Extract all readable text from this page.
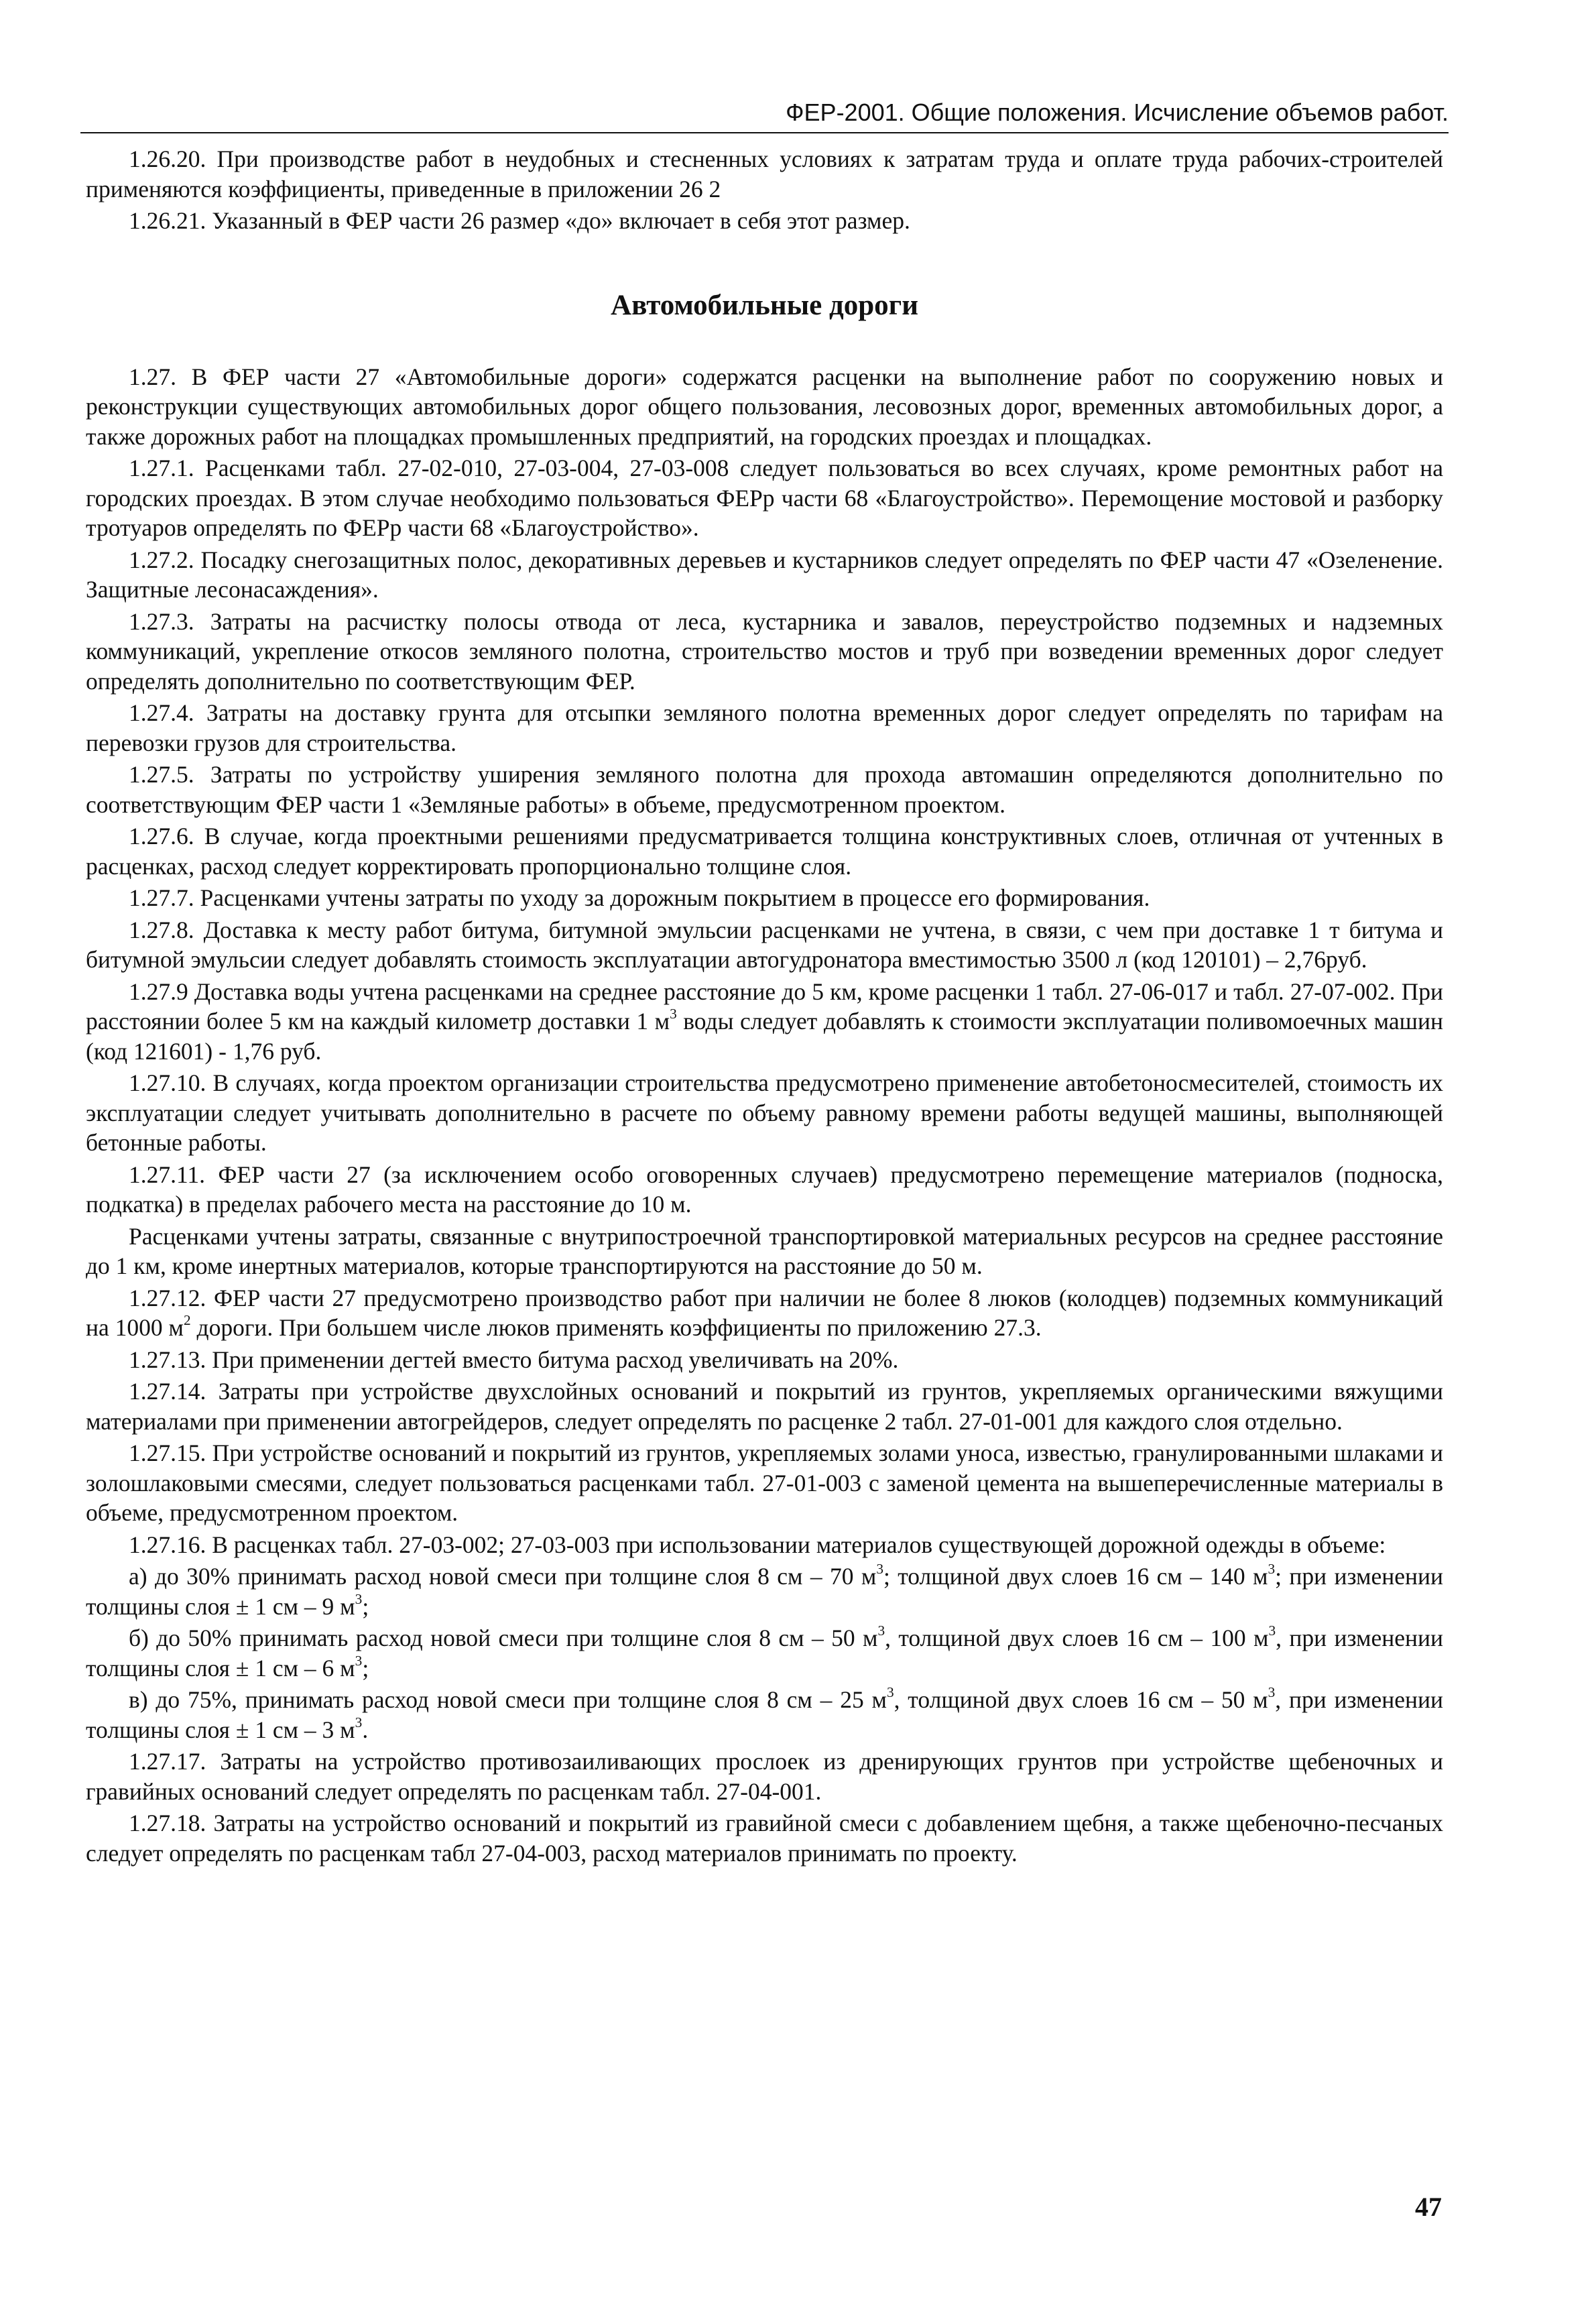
ФЕР-2001. Общие положения. Исчисление объемов работ.

1.26.20. При производстве работ в неудобных и стесненных условиях к затратам труда и оплате труда рабочих-строителей применяются коэффициенты, приведенные в приложении 26 2

1.26.21. Указанный в ФЕР части 26 размер «до» включает в себя этот размер.

Автомобильные дороги

1.27. В ФЕР части 27 «Автомобильные дороги» содержатся расценки на выполнение работ по сооружению новых и реконструкции существующих автомобильных дорог общего пользования, лесовозных дорог, временных автомобильных дорог, а также дорожных работ на площадках промышленных предприятий, на городских проездах и площадках.

1.27.1. Расценками табл. 27-02-010, 27-03-004, 27-03-008 следует пользоваться во всех случаях, кроме ремонтных работ на городских проездах. В этом случае необходимо пользоваться ФЕРр части 68 «Благоустройство». Перемощение мостовой и разборку тротуаров определять по ФЕРр части 68 «Благоустройство».

1.27.2. Посадку снегозащитных полос, декоративных деревьев и кустарников следует определять по ФЕР части 47 «Озеленение. Защитные лесонасаждения».

1.27.3. Затраты на расчистку полосы отвода от леса, кустарника и завалов, переустройство подземных и надземных коммуникаций, укрепление откосов земляного полотна, строительство мостов и труб при возведении временных дорог следует определять дополнительно по соответствующим ФЕР.

1.27.4. Затраты на доставку грунта для отсыпки земляного полотна временных дорог следует определять по тарифам на перевозки грузов для строительства.

1.27.5. Затраты по устройству уширения земляного полотна для прохода автомашин определяются дополнительно по соответствующим ФЕР части 1 «Земляные работы» в объеме, предусмотренном проектом.

1.27.6. В случае, когда проектными решениями предусматривается толщина конструктивных слоев, отличная от учтенных в расценках, расход следует корректировать пропорционально толщине слоя.

1.27.7. Расценками учтены затраты по уходу за дорожным покрытием в процессе его формирования.

1.27.8. Доставка к месту работ битума, битумной эмульсии расценками не учтена, в связи, с чем при доставке 1 т битума и битумной эмульсии следует добавлять стоимость эксплуатации автогудронатора вместимостью 3500 л (код 120101) – 2,76руб.

1.27.9 Доставка воды учтена расценками на среднее расстояние до 5 км, кроме расценки 1 табл. 27-06-017 и табл. 27-07-002. При расстоянии более 5 км на каждый километр доставки 1 $м^3$ воды следует добавлять к стоимости эксплуатации поливомоечных машин (код 121601) - 1,76 руб.

1.27.10. В случаях, когда проектом организации строительства предусмотрено применение автобетоносмесителей, стоимость их эксплуатации следует учитывать дополнительно в расчете по объему равному времени работы ведущей машины, выполняющей бетонные работы.

1.27.11. ФЕР части 27 (за исключением особо оговоренных случаев) предусмотрено перемещение материалов (подноска, подкатка) в пределах рабочего места на расстояние до 10 м.

Расценками учтены затраты, связанные с внутрипостроечной транспортировкой материальных ресурсов на среднее расстояние до 1 км, кроме инертных материалов, которые транспортируются на расстояние до 50 м.

1.27.12. ФЕР части 27 предусмотрено производство работ при наличии не более 8 люков (колодцев) подземных коммуникаций на 1000 $м^2$ дороги. При большем числе люков применять коэффициенты по приложению 27.3.

1.27.13. При применении дегтей вместо битума расход увеличивать на 20%.

1.27.14. Затраты при устройстве двухслойных оснований и покрытий из грунтов, укрепляемых органическими вяжущими материалами при применении автогрейдеров, следует определять по расценке 2 табл. 27-01-001 для каждого слоя отдельно.

1.27.15. При устройстве оснований и покрытий из грунтов, укрепляемых золами уноса, известью, гранулированными шлаками и золошлаковыми смесями, следует пользоваться расценками табл. 27-01-003 с заменой цемента на вышеперечисленные материалы в объеме, предусмотренном проектом.

1.27.16. В расценках табл. 27-03-002; 27-03-003 при использовании материалов существующей дорожной одежды в объеме:

а) до 30% принимать расход новой смеси при толщине слоя 8 см – 70 $м^3$; толщиной двух слоев 16 см – 140 $м^3$; при изменении толщины слоя ± 1 см – 9 $м^3$;

б) до 50% принимать расход новой смеси при толщине слоя 8 см – 50 $м^3$, толщиной двух слоев 16 см – 100 $м^3$, при изменении толщины слоя ± 1 см – 6 $м^3$;

в) до 75%, принимать расход новой смеси при толщине слоя 8 см – 25 $м^3$, толщиной двух слоев 16 см – 50 $м^3$, при изменении толщины слоя ± 1 см – 3 $м^3$.

1.27.17. Затраты на устройство противозаиливающих прослоек из дренирующих грунтов при устройстве щебеночных и гравийных оснований следует определять по расценкам табл. 27-04-001.

1.27.18. Затраты на устройство оснований и покрытий из гравийной смеси с добавлением щебня, а также щебеночно-песчаных следует определять по расценкам табл 27-04-003, расход материалов принимать по проекту.

47
